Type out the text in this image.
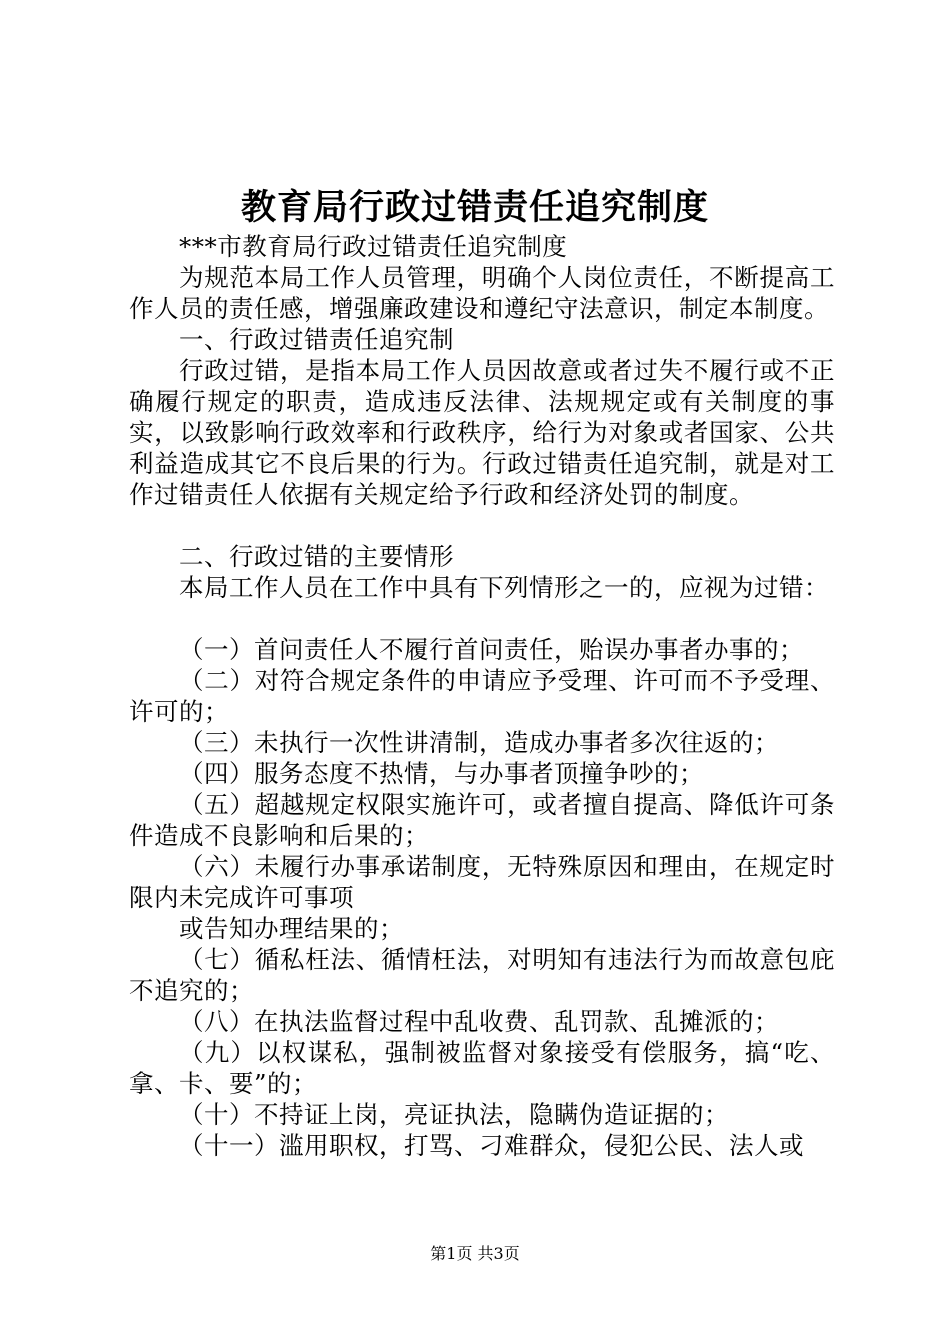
教育局行政过错责任追究制度

***市教育局行政过错责任追究制度

为规范本局工作人员管理，明确个人岗位责任，不断提高工作人员的责任感，增强廉政建设和遵纪守法意识，制定本制度。

一、行政过错责任追究制

行政过错，是指本局工作人员因故意或者过失不履行或不正确履行规定的职责，造成违反法律、法规规定或有关制度的事实，以致影响行政效率和行政秩序，给行为对象或者国家、公共利益造成其它不良后果的行为。行政过错责任追究制，就是对工作过错责任人依据有关规定给予行政和经济处罚的制度。

二、行政过错的主要情形

本局工作人员在工作中具有下列情形之一的，应视为过错：

（一）首问责任人不履行首问责任，贻误办事者办事的；

（二）对符合规定条件的申请应予受理、许可而不予受理、许可的；

（三）未执行一次性讲清制，造成办事者多次往返的；

（四）服务态度不热情，与办事者顶撞争吵的；

（五）超越规定权限实施许可，或者擅自提高、降低许可条件造成不良影响和后果的；

（六）未履行办事承诺制度，无特殊原因和理由，在规定时限内未完成许可事项

或告知办理结果的；

（七）循私枉法、循情枉法，对明知有违法行为而故意包庇不追究的；

（八）在执法监督过程中乱收费、乱罚款、乱摊派的；

（九）以权谋私，强制被监督对象接受有偿服务，搞“吃、拿、卡、要”的；

（十）不持证上岗，亮证执法，隐瞒伪造证据的；

（十一）滥用职权，打骂、刁难群众，侵犯公民、法人或

第1页 共3页
